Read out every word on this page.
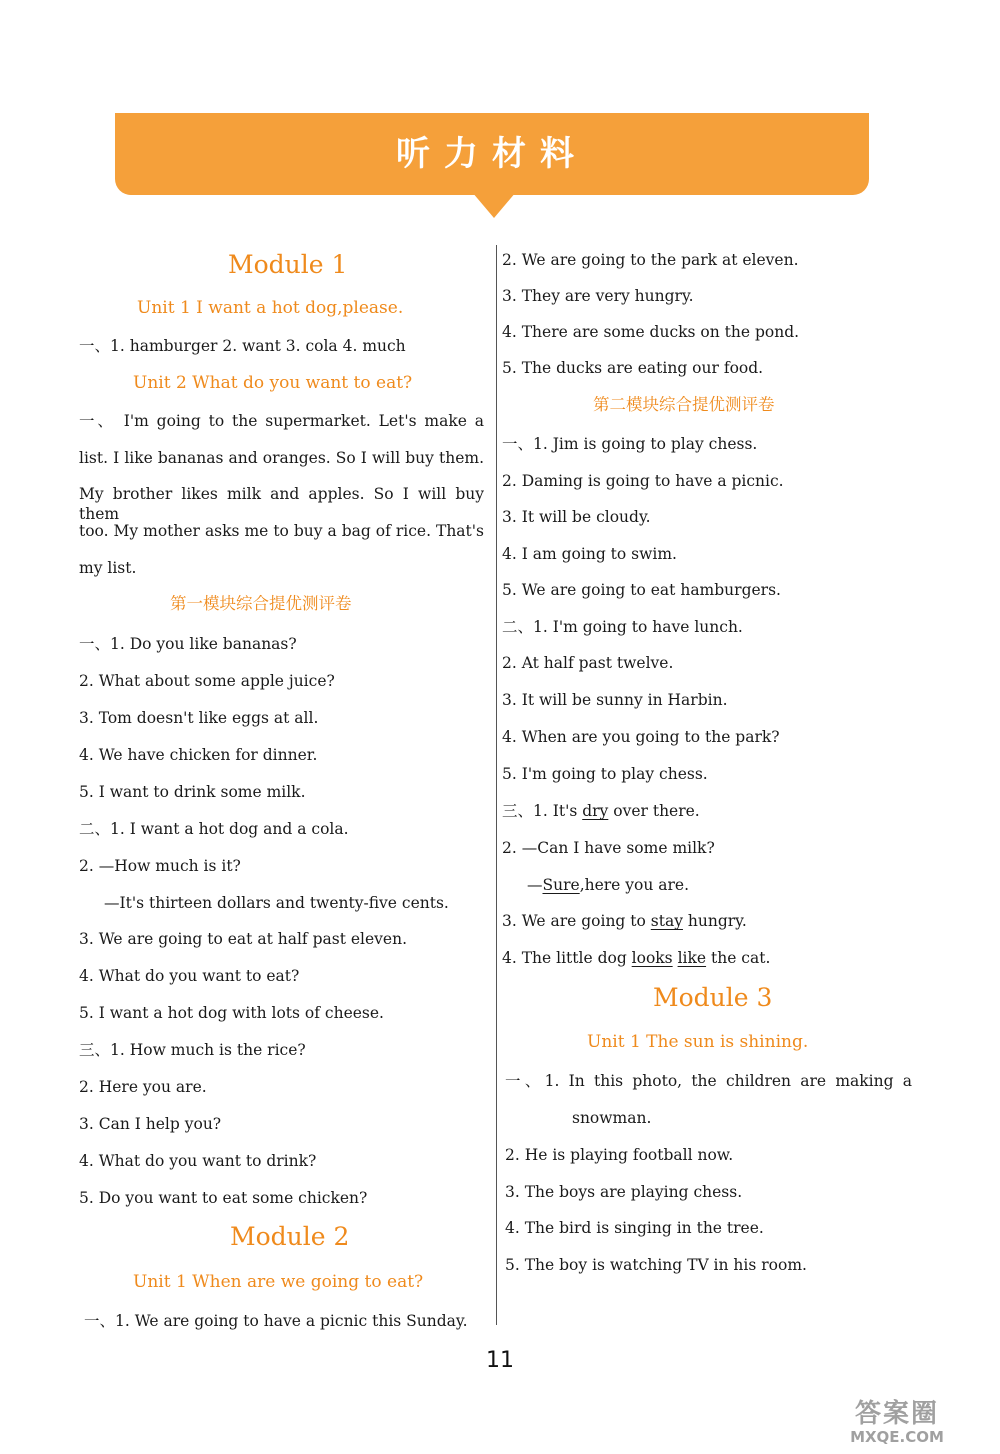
听力材料
Module 1
Unit 1 I want a hot dog,please.
一、1. hamburger 2. want 3. cola 4. much
Unit 2 What do you want to eat?
一、 I'm going to the supermarket. Let's make a
list. I like bananas and oranges. So I will buy them.
My brother likes milk and apples. So I will buy them
too. My mother asks me to buy a bag of rice. That's
my list.
第一模块综合提优测评卷
一、1. Do you like bananas?
2. What about some apple juice?
3. Tom doesn't like eggs at all.
4. We have chicken for dinner.
5. I want to drink some milk.
二、1. I want a hot dog and a cola.
2. —How much is it?
—It's thirteen dollars and twenty-five cents.
3. We are going to eat at half past eleven.
4. What do you want to eat?
5. I want a hot dog with lots of cheese.
三、1. How much is the rice?
2. Here you are.
3. Can I help you?
4. What do you want to drink?
5. Do you want to eat some chicken?
Module 2
Unit 1 When are we going to eat?
一、1. We are going to have a picnic this Sunday.
2. We are going to the park at eleven.
3. They are very hungry.
4. There are some ducks on the pond.
5. The ducks are eating our food.
第二模块综合提优测评卷
一、1. Jim is going to play chess.
2. Daming is going to have a picnic.
3. It will be cloudy.
4. I am going to swim.
5. We are going to eat hamburgers.
二、1. I'm going to have lunch.
2. At half past twelve.
3. It will be sunny in Harbin.
4. When are you going to the park?
5. I'm going to play chess.
三、1. It's dry over there.
2. —Can I have some milk?
—Sure,here you are.
3. We are going to stay hungry.
4. The little dog looks like the cat.
Module 3
Unit 1 The sun is shining.
一、1. In this photo, the children are making a
snowman.
2. He is playing football now.
3. The boys are playing chess.
4. The bird is singing in the tree.
5. The boy is watching TV in his room.
11
答案圈
MXQE.COM
